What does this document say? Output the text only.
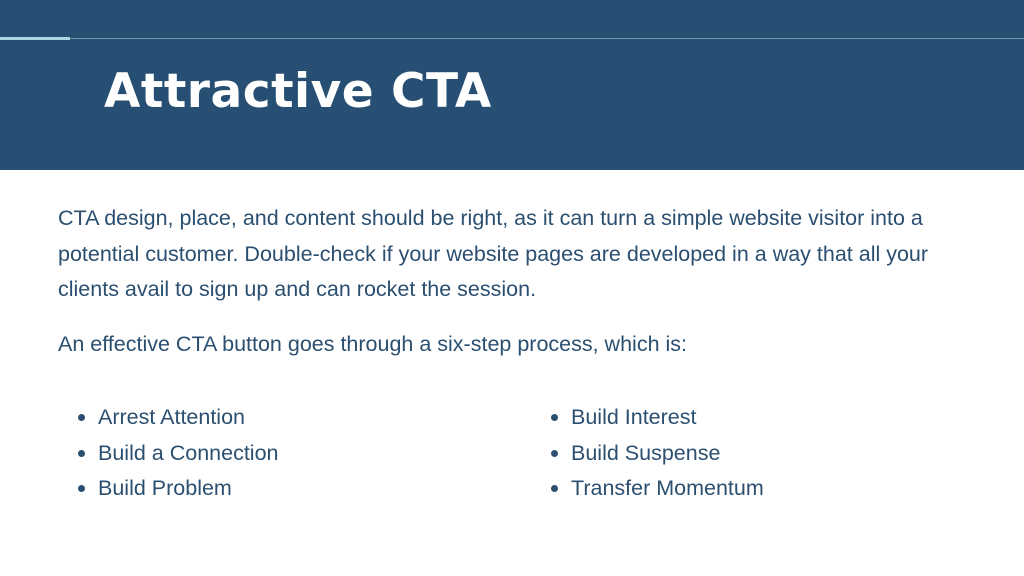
Attractive CTA

CTA design, place, and content should be right, as it can turn a simple website visitor into a potential customer. Double-check if your website pages are developed in a way that all your clients avail to sign up and can rocket the session.

An effective CTA button goes through a six-step process, which is:

Arrest Attention
Build a Connection
Build Problem
Build Interest
Build Suspense
Transfer Momentum
